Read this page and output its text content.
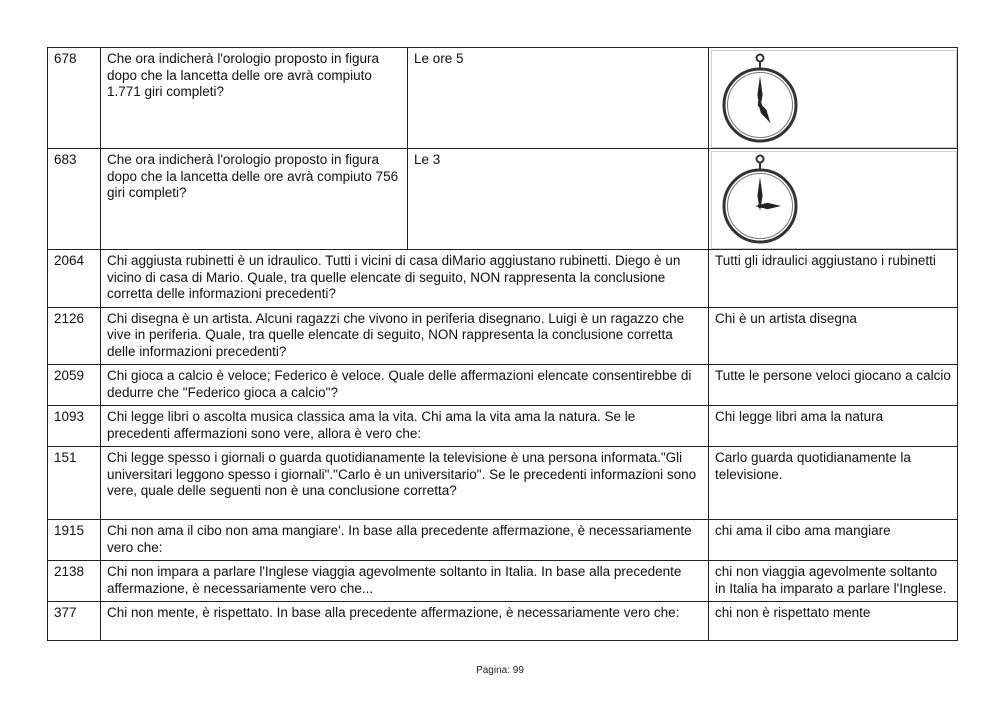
678	Che ora indicherà l'orologio proposto in figura dopo che la lancetta delle ore avrà compiuto 1.771 giri completi?	Le ore 5	

683	Che ora indicherà l'orologio proposto in figura dopo che la lancetta delle ore avrà compiuto 756 giri completi?	Le 3	

2064	Chi aggiusta rubinetti è un idraulico. Tutti i vicini di casa diMario aggiustano rubinetti. Diego è un vicino di casa di Mario. Quale, tra quelle elencate di seguito, NON rappresenta la conclusione corretta delle informazioni precedenti?		Tutti gli idraulici aggiustano i rubinetti
2126	Chi disegna è un artista. Alcuni ragazzi che vivono in periferia disegnano. Luigi è un ragazzo che vive in periferia. Quale, tra quelle elencate di seguito, NON rappresenta la conclusione corretta delle informazioni precedenti?		Chi è un artista disegna
2059	Chi gioca a calcio è veloce; Federico è veloce. Quale delle affermazioni elencate consentirebbe di dedurre che "Federico gioca a calcio"?		Tutte le persone veloci giocano a calcio
1093	Chi legge libri o ascolta musica classica ama la vita. Chi ama la vita ama la natura. Se le precedenti affermazioni sono vere, allora è vero che:		Chi legge libri ama la natura
151	Chi legge spesso i giornali o guarda quotidianamente la televisione è una persona informata."Gli universitari leggono spesso i giornali"."Carlo è un universitario". Se le precedenti informazioni sono vere, quale delle seguenti non è una conclusione corretta?		Carlo guarda quotidianamente la televisione.
1915	Chi non ama il cibo non ama mangiare'. In base alla precedente affermazione, è necessariamente vero che:		chi ama il cibo ama mangiare
2138	Chi non impara a parlare l'Inglese viaggia agevolmente soltanto in Italia. In base alla precedente affermazione, è necessariamente vero che...		chi non viaggia agevolmente soltanto in Italia ha imparato a parlare l'Inglese.
377	Chi non mente, è rispettato. In base alla precedente affermazione, è necessariamente vero che:		chi non è rispettato mente
Pagina: 99
